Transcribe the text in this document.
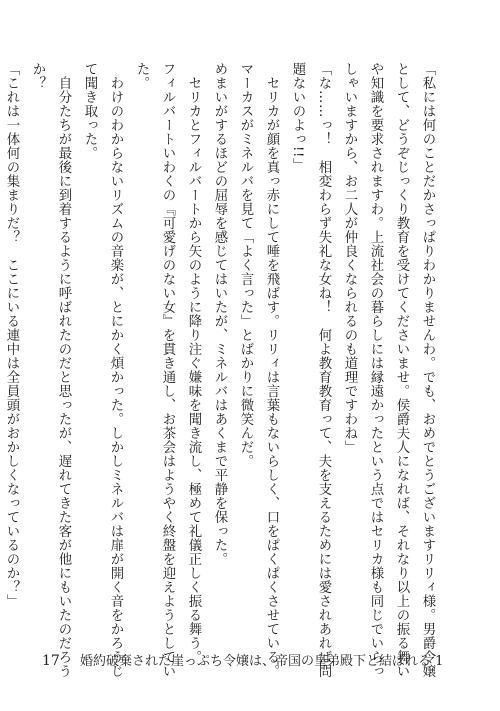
「私には何のことだかさっぱりわかりませんわ。でも、おめでとうございますリリィ様。男爵令嬢
として、どうぞじっくり教育を受けてくださいませ。侯爵夫人になれば、それなり以上の振る舞い
や知識を要求されますわ。上流社会の暮らしには縁遠かったという点ではセリカ様も同じでいらっ
しゃいますから、お二人が仲良くなられるのも道理ですわね」
「な……っ！　相変わらず失礼な女ね！　何よ教育教育って、夫を支えるためには愛されあれば問
題ないのよっ!!」
　セリカが顔を真っ赤にして唾を飛ばす。リリィは言葉もないらしく、口をぱくぱくさせている。
マーカスがミネルバを見て「よく言った」とばかりに微笑んだ。
めまいがするほどの屈辱を感じてはいたが、ミネルバはあくまで平静を保った。
　セリカとフィルバートから矢のように降り注ぐ嫌味を聞き流し、極めて礼儀正しく振る舞う。
フィルバートいわくの『可愛げのない女』を貫き通し、お茶会はようやく終盤を迎えようとしてい
た。
　わけのわからないリズムの音楽が、とにかく煩かった。しかしミネルバは扉が開く音をかろうじ
て聞き取った。
　自分たちが最後に到着するように呼ばれたのだと思ったが、遅れてきた客が他にもいたのだろう
か？
「これは一体何の集まりだ？　ここにいる連中は全員頭がおかしくなっているのか？」
17 婚約破棄された崖っぷち令嬢は、帝国の皇弟殿下と結ばれる 1
